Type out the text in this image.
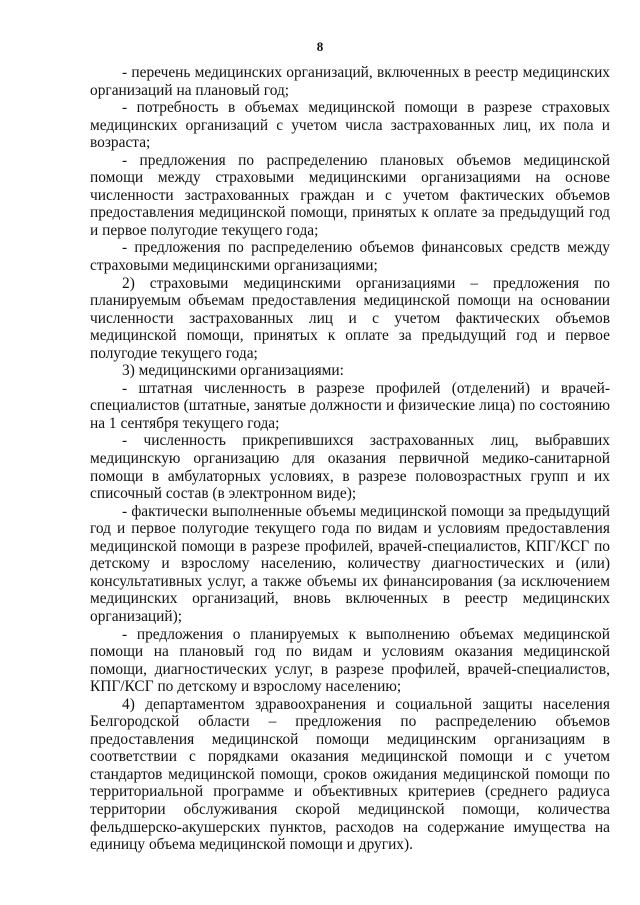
8

- перечень медицинских организаций, включенных в реестр медицинских организаций на плановый год;

- потребность в объемах медицинской помощи в разрезе страховых медицинских организаций с учетом числа застрахованных лиц, их пола и возраста;

- предложения по распределению плановых объемов медицинской помощи между страховыми медицинскими организациями на основе численности застрахованных граждан и с учетом фактических объемов предоставления медицинской помощи, принятых к оплате за предыдущий год и первое полугодие текущего года;

- предложения по распределению объемов финансовых средств между страховыми медицинскими организациями;

2) страховыми медицинскими организациями – предложения по планируемым объемам предоставления медицинской помощи на основании численности застрахованных лиц и с учетом фактических объемов медицинской помощи, принятых к оплате за предыдущий год и первое полугодие текущего года;

3) медицинскими организациями:

- штатная численность в разрезе профилей (отделений) и врачей-специалистов (штатные, занятые должности и физические лица) по состоянию на 1 сентября текущего года;

- численность прикрепившихся застрахованных лиц, выбравших медицинскую организацию для оказания первичной медико-санитарной помощи в амбулаторных условиях, в разрезе половозрастных групп и их списочный состав (в электронном виде);

- фактически выполненные объемы медицинской помощи за предыдущий год и первое полугодие текущего года по видам и условиям предоставления медицинской помощи в разрезе профилей, врачей-специалистов, КПГ/КСГ по детскому и взрослому населению, количеству диагностических и (или) консультативных услуг, а также объемы их финансирования (за исключением медицинских организаций, вновь включенных в реестр медицинских организаций);

- предложения о планируемых к выполнению объемах медицинской помощи на плановый год по видам и условиям оказания медицинской помощи, диагностических услуг, в разрезе профилей, врачей-специалистов, КПГ/КСГ по детскому и взрослому населению;

4) департаментом здравоохранения и социальной защиты населения Белгородской области – предложения по распределению объемов предоставления медицинской помощи медицинским организациям в соответствии с порядками оказания медицинской помощи и с учетом стандартов медицинской помощи, сроков ожидания медицинской помощи по территориальной программе и объективных критериев (среднего радиуса территории обслуживания скорой медицинской помощи, количества фельдшерско-акушерских пунктов, расходов на содержание имущества на единицу объема медицинской помощи и других).
